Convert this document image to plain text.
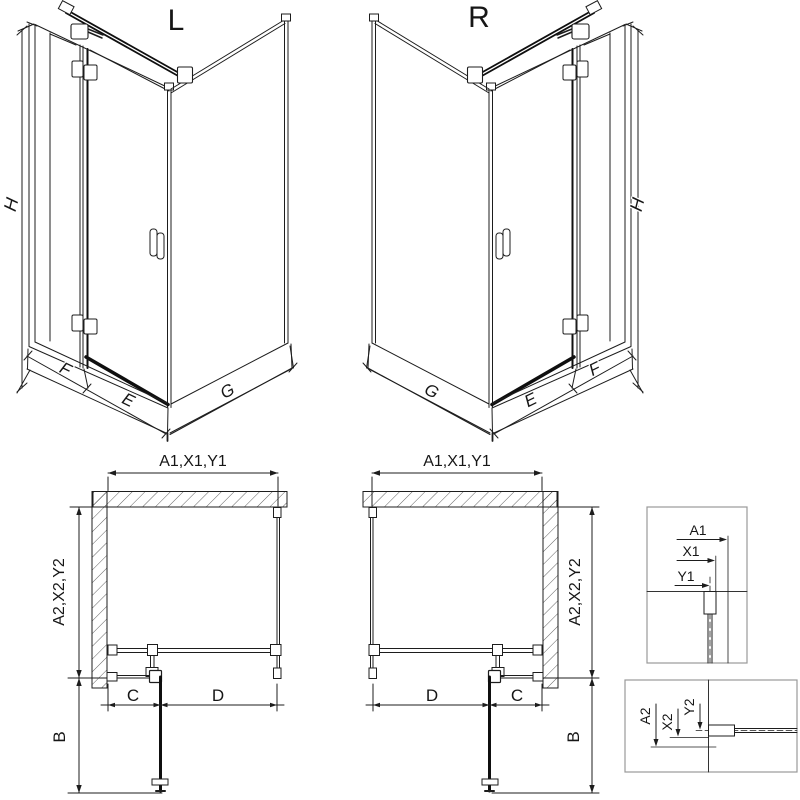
L
H
F
E	G
R
H
F
E
G
A1,X1,Y1
A2,X2,Y2
C	D
B
A1,X1,Y1
A2,X2,Y2
D	C
B
A1
X1
Y1
A2 X2
Y2
